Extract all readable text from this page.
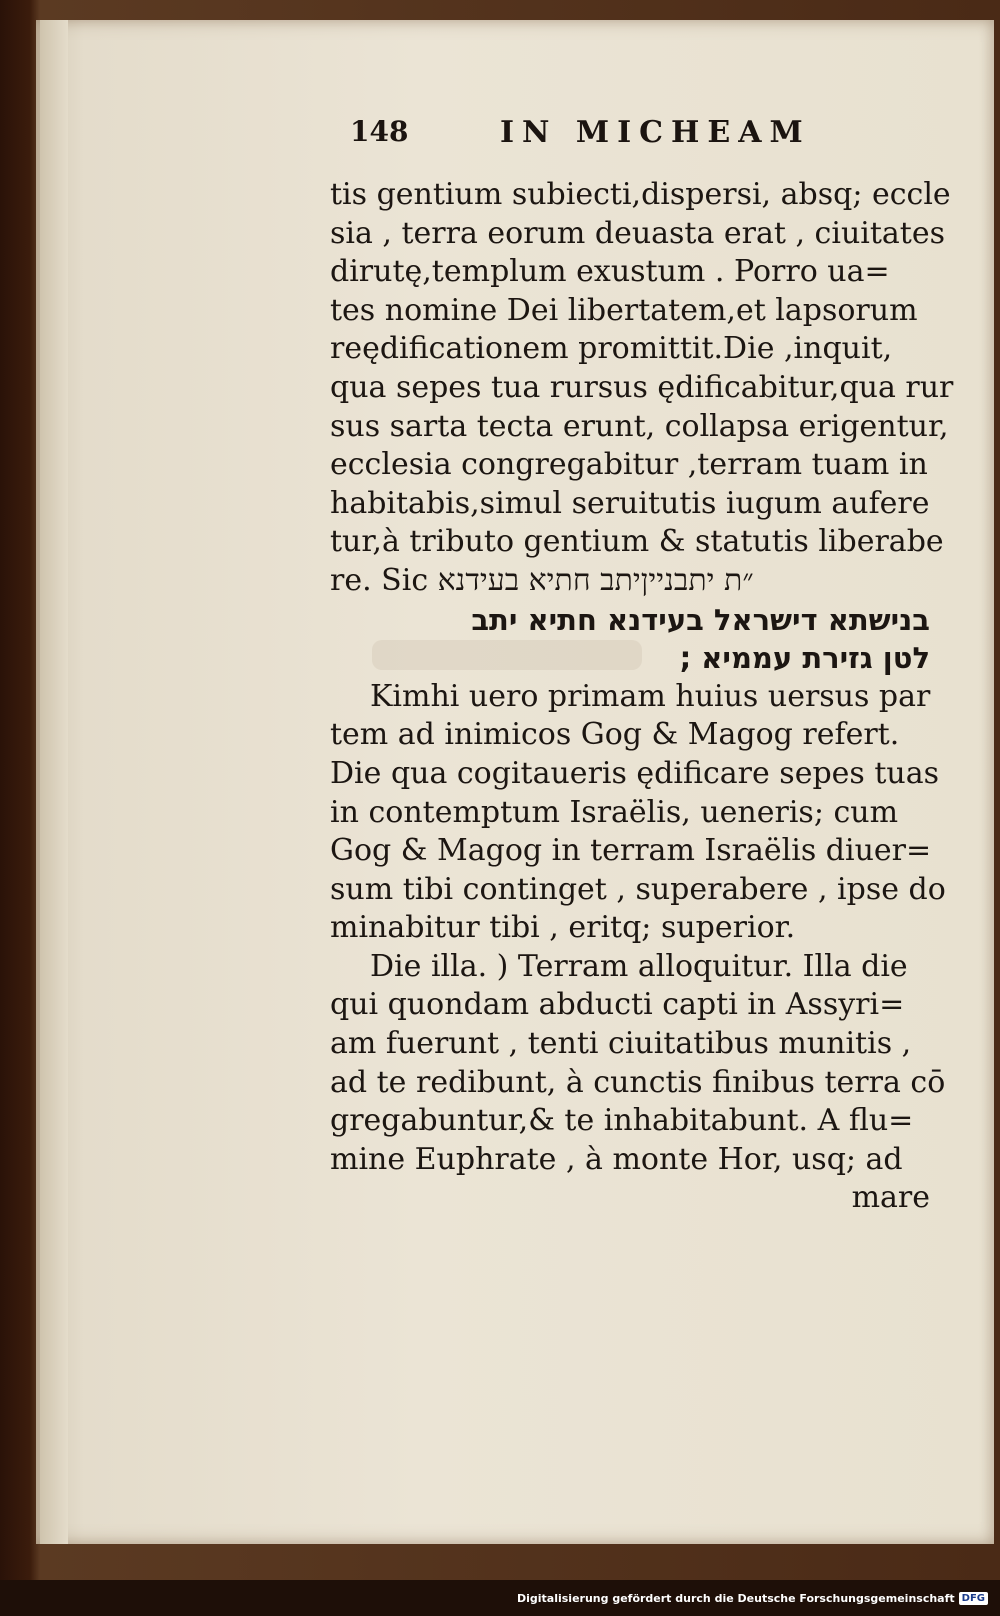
148	IN MICHEAM
tis gentium subiecti,dispersi, absq; eccle
sia , terra eorum deuasta erat , ciuitates
dirutę,templum exustum . Porro ua=
tes nomine Dei libertatem,et lapsorum
reędificationem promittit.Die ,inquit,
qua sepes tua rursus ędificabitur,qua rur
sus sarta tecta erunt, collapsa erigentur,
ecclesia congregabitur ,terram tuam in
habitabis,simul seruitutis iugum aufere
tur,à tributo gentium & statutis liberabe
re. Sic ״ת יתבנייןיתב חתיא בעידנא
בנישתא דישראל בעידנא חתיא יתב
לטן גזירת עממיא ;
Kimhi uero primam huius uersus par
tem ad inimicos Gog & Magog refert.
Die qua cogitaueris ędificare sepes tuas
in contemptum Israëlis, ueneris; cum
Gog & Magog in terram Israëlis diuer=
sum tibi continget , superabere , ipse do
minabitur tibi , eritq; superior.
Die illa. ) Terram alloquitur. Illa die
qui quondam abducti capti in Assyri=
am fuerunt , tenti ciuitatibus munitis ,
ad te redibunt, à cunctis finibus terra cō
gregabuntur,& te inhabitabunt. A flu=
mine Euphrate , à monte Hor, usq; ad
mare
Digitalisierung gefördert durch die Deutsche Forschungsgemeinschaft DFG
